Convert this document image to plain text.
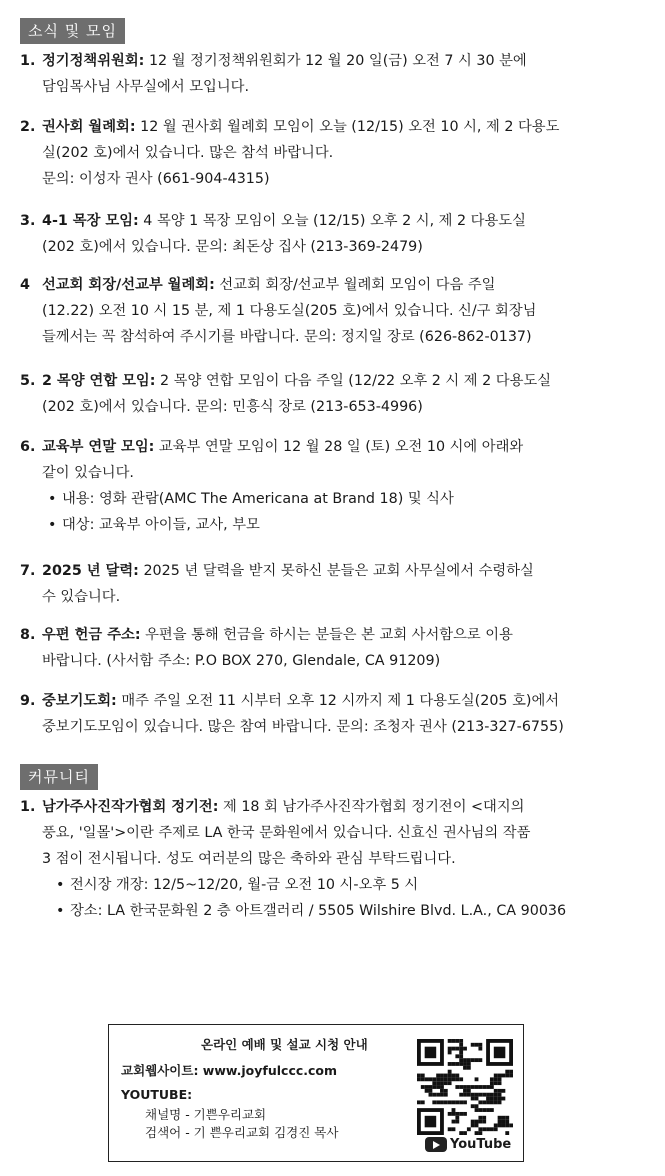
소식 및 모임
1. 정기정책위원회: 12 월 정기정책위원회가 12 월 20 일(금) 오전 7 시 30 분에
담임목사님 사무실에서 모입니다.
2. 권사회 월례회: 12 월 권사회 월례회 모임이 오늘 (12/15) 오전 10 시, 제 2 다용도
실(202 호)에서 있습니다. 많은 참석 바랍니다.
문의: 이성자 권사 (661-904-4315)
3. 4-1 목장 모임: 4 목양 1 목장 모임이 오늘 (12/15) 오후 2 시, 제 2 다용도실
(202 호)에서 있습니다. 문의: 최돈상 집사 (213-369-2479)
4 선교회 회장/선교부 월례회: 선교회 회장/선교부 월례회 모임이 다음 주일
(12.22) 오전 10 시 15 분, 제 1 다용도실(205 호)에서 있습니다. 신/구 회장님
들께서는 꼭 참석하여 주시기를 바랍니다. 문의: 정지일 장로 (626-862-0137)
5. 2 목양 연합 모임: 2 목양 연합 모임이 다음 주일 (12/22 오후 2 시 제 2 다용도실
(202 호)에서 있습니다. 문의: 민흥식 장로 (213-653-4996)
6. 교육부 연말 모임: 교육부 연말 모임이 12 월 28 일 (토) 오전 10 시에 아래와
같이 있습니다.
• 내용: 영화 관람(AMC The Americana at Brand 18) 및 식사
• 대상: 교육부 아이들, 교사, 부모
7. 2025 년 달력: 2025 년 달력을 받지 못하신 분들은 교회 사무실에서 수령하실
수 있습니다.
8. 우편 헌금 주소: 우편을 통해 헌금을 하시는 분들은 본 교회 사서함으로 이용
바랍니다. (사서함 주소: P.O BOX 270, Glendale, CA 91209)
9. 중보기도회: 매주 주일 오전 11 시부터 오후 12 시까지 제 1 다용도실(205 호)에서
중보기도모임이 있습니다. 많은 참여 바랍니다. 문의: 조청자 권사 (213-327-6755)
커뮤니티
1. 남가주사진작가협회 정기전: 제 18 회 남가주사진작가협회 정기전이 <대지의
풍요, '일몰'>이란 주제로 LA 한국 문화원에서 있습니다. 신효신 권사님의 작품
3 점이 전시됩니다. 성도 여러분의 많은 축하와 관심 부탁드립니다.
• 전시장 개장: 12/5~12/20, 월-금 오전 10 시-오후 5 시
• 장소: LA 한국문화원 2 층 아트갤러리 / 5505 Wilshire Blvd. L.A., CA 90036
온라인 예배 및 설교 시청 안내
교회웹사이트: www.joyfulccc.com
YOUTUBE:
채널명 - 기쁜우리교회
검색어 - 기 쁜우리교회 김경진 목사
YouTube
